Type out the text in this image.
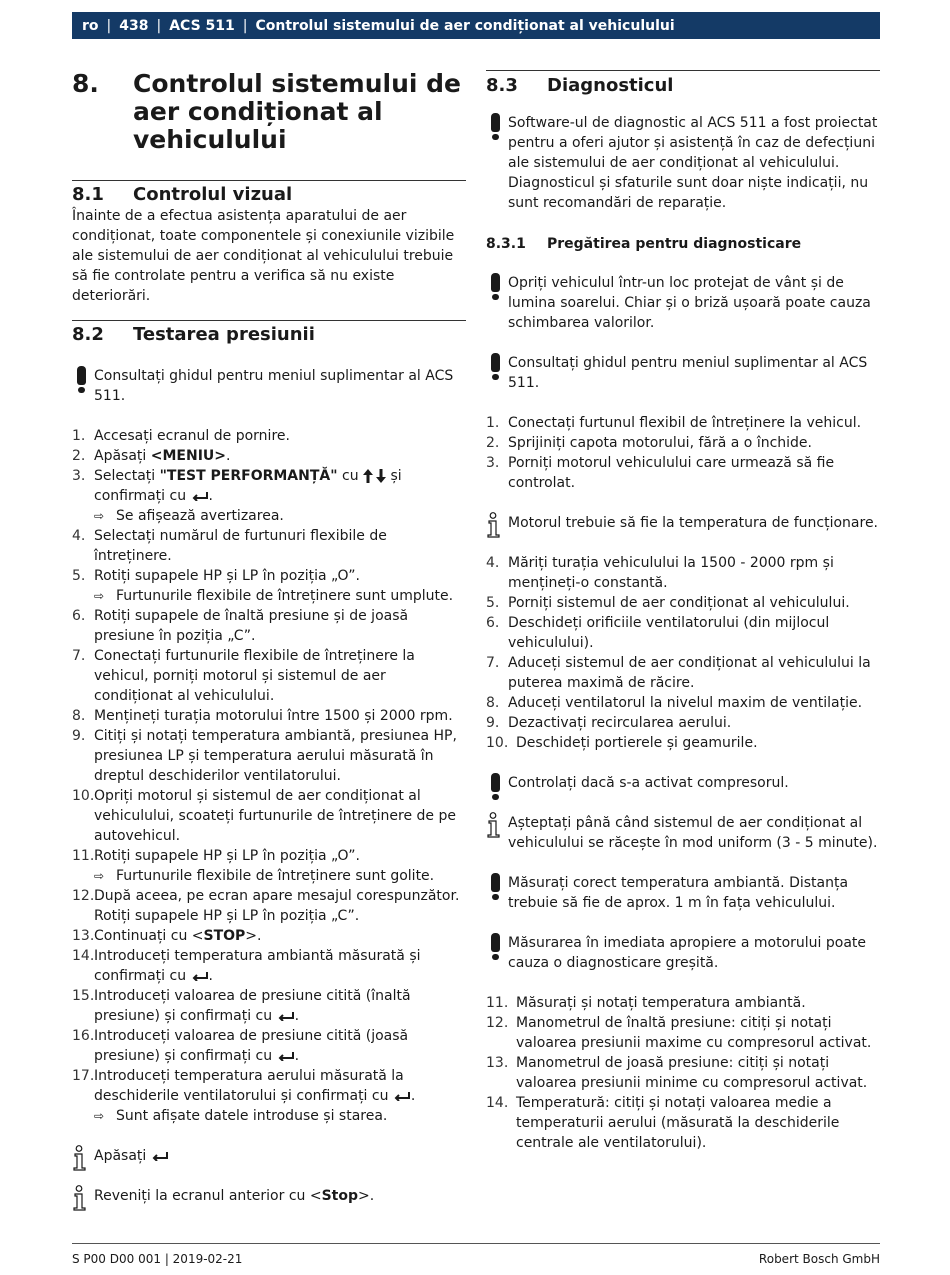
ro | 438 | ACS 511 | Controlul sistemului de aer condiționat al vehiculului
8.	Controlul sistemului de aer condiționat al vehiculului
8.1	Controlul vizual
Înainte de a efectua asistența aparatului de aer condiționat, toate componentele și conexiunile vizibile ale sistemului de aer condiționat al vehiculului trebuie să fie controlate pentru a verifica să nu existe deteriorări.
8.2	Testarea presiunii
Consultați ghidul pentru meniul suplimentar al ACS 511.
1. Accesați ecranul de pornire.
2. Apăsați <MENIU>.
3. Selectați "TEST PERFORMANȚĂ" cu  și confirmați cu .
⇨ Se afișează avertizarea.
4. Selectați numărul de furtunuri flexibile de întreținere.
5. Rotiți supapele HP și LP în poziția „O”.
⇨ Furtunurile flexibile de întreținere sunt umplute.
6. Rotiți supapele de înaltă presiune și de joasă presiune în poziția „C”.
7. Conectați furtunurile flexibile de întreținere la vehicul, porniți motorul și sistemul de aer condiționat al vehiculului.
8. Mențineți turația motorului între 1500 și 2000 rpm.
9. Citiți și notați temperatura ambiantă, presiunea HP, presiunea LP și temperatura aerului măsurată în dreptul deschiderilor ventilatorului.
10. Opriți motorul și sistemul de aer condiționat al vehiculului, scoateți furtunurile de întreținere de pe autovehicul.
11. Rotiți supapele HP și LP în poziția „O”.
⇨ Furtunurile flexibile de întreținere sunt golite.
12. După aceea, pe ecran apare mesajul corespunzător. Rotiți supapele HP și LP în poziția „C”.
13. Continuați cu <STOP>.
14. Introduceți temperatura ambiantă măsurată și confirmați cu .
15. Introduceți valoarea de presiune citită (înaltă presiune) și confirmați cu .
16. Introduceți valoarea de presiune citită (joasă presiune) și confirmați cu .
17. Introduceți temperatura aerului măsurată la deschiderile ventilatorului și confirmați cu .
⇨ Sunt afișate datele introduse și starea.
Apăsați
Reveniți la ecranul anterior cu <Stop>.
8.3	Diagnosticul
Software-ul de diagnostic al ACS 511 a fost proiectat pentru a oferi ajutor și asistență în caz de defecțiuni ale sistemului de aer condiționat al vehiculului. Diagnosticul și sfaturile sunt doar niște indicații, nu sunt recomandări de reparație.
8.3.1	Pregătirea pentru diagnosticare
Opriți vehiculul într-un loc protejat de vânt și de lumina soarelui. Chiar și o briză ușoară poate cauza schimbarea valorilor.
Consultați ghidul pentru meniul suplimentar al ACS 511.
1. Conectați furtunul flexibil de întreținere la vehicul.
2. Sprijiniți capota motorului, fără a o închide.
3. Porniți motorul vehiculului care urmează să fie controlat.
Motorul trebuie să fie la temperatura de funcționare.
4. Măriți turația vehiculului la 1500 - 2000 rpm și mențineți-o constantă.
5. Porniți sistemul de aer condiționat al vehiculului.
6. Deschideți orificiile ventilatorului (din mijlocul vehiculului).
7. Aduceți sistemul de aer condiționat al vehiculului la puterea maximă de răcire.
8. Aduceți ventilatorul la nivelul maxim de ventilație.
9. Dezactivați recircularea aerului.
10. Deschideți portierele și geamurile.
Controlați dacă s-a activat compresorul.
Așteptați până când sistemul de aer condiționat al vehiculului se răcește în mod uniform (3 - 5 minute).
Măsurați corect temperatura ambiantă. Distanța trebuie să fie de aprox. 1 m în fața vehiculului.
Măsurarea în imediata apropiere a motorului poate cauza o diagnosticare greșită.
11. Măsurați și notați temperatura ambiantă.
12. Manometrul de înaltă presiune: citiți și notați valoarea presiunii maxime cu compresorul activat.
13. Manometrul de joasă presiune: citiți și notați valoarea presiunii minime cu compresorul activat.
14. Temperatură: citiți și notați valoarea medie a temperaturii aerului (măsurată la deschiderile centrale ale ventilatorului).
S P00 D00 001 | 2019-02-21	Robert Bosch GmbH
